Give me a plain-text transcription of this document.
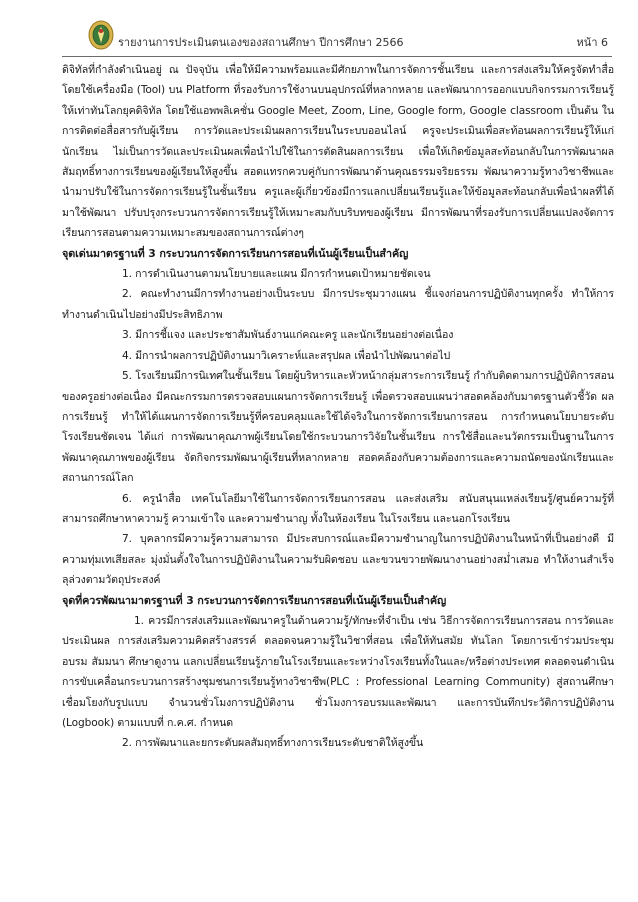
รายงานการประเมินตนเองของสถานศึกษา ปีการศึกษา 2566	หน้า 6

ดิจิทัลที่กำลังดำเนินอยู่ ณ ปัจจุบัน เพื่อให้มีความพร้อมและมีศักยภาพในการจัดการชั้นเรียน และการส่งเสริมให้ครูจัดทำสื่อโดยใช้เครื่องมือ (Tool) บน Platform ที่รองรับการใช้งานบนอุปกรณ์ที่หลากหลาย และพัฒนาการออกแบบกิจกรรมการเรียนรู้ให้เท่าทันโลกยุคดิจิทัล โดยใช้แอพพลิเคชั่น Google Meet, Zoom, Line, Google form, Google classroom เป็นต้น ในการติดต่อสื่อสารกับผู้เรียน การวัดและประเมินผลการเรียนในระบบออนไลน์ ครูจะประเมินเพื่อสะท้อนผลการเรียนรู้ให้แก่นักเรียน ไม่เป็นการวัดและประเมินผลเพื่อนำไปใช้ในการตัดสินผลการเรียน เพื่อให้เกิดข้อมูลสะท้อนกลับในการพัฒนาผลสัมฤทธิ์ทางการเรียนของผู้เรียนให้สูงขึ้น สอดแทรกควบคู่กับการพัฒนาด้านคุณธรรมจริยธรรม พัฒนาความรู้ทางวิชาชีพและนำมาปรับใช้ในการจัดการเรียนรู้ในชั้นเรียน ครูและผู้เกี่ยวข้องมีการแลกเปลี่ยนเรียนรู้และให้ข้อมูลสะท้อนกลับเพื่อนำผลที่ได้มาใช้พัฒนา ปรับปรุงกระบวนการจัดการเรียนรู้ให้เหมาะสมกับบริบทของผู้เรียน มีการพัฒนาที่รองรับการเปลี่ยนแปลงจัดการเรียนการสอนตามความเหมาะสมของสถานการณ์ต่างๆ

จุดเด่นมาตรฐานที่ 3 กระบวนการจัดการเรียนการสอนที่เน้นผู้เรียนเป็นสำคัญ

1. การดำเนินงานตามนโยบายและแผน มีการกำหนดเป้าหมายชัดเจน

2. คณะทำงานมีการทำงานอย่างเป็นระบบ มีการประชุมวางแผน ชี้แจงก่อนการปฏิบัติงานทุกครั้ง ทำให้การทำงานดำเนินไปอย่างมีประสิทธิภาพ

3. มีการชี้แจง และประชาสัมพันธ์งานแก่คณะครู และนักเรียนอย่างต่อเนื่อง

4. มีการนำผลการปฏิบัติงานมาวิเคราะห์และสรุปผล เพื่อนำไปพัฒนาต่อไป

5. โรงเรียนมีการนิเทศในชั้นเรียน โดยผู้บริหารและหัวหน้ากลุ่มสาระการเรียนรู้ กำกับติดตามการปฏิบัติการสอนของครูอย่างต่อเนื่อง มีคณะกรรมการตรวจสอบแผนการจัดการเรียนรู้ เพื่อตรวจสอบแผนว่าสอดคล้องกับมาตรฐานตัวชี้วัด ผลการเรียนรู้ ทำให้ได้แผนการจัดการเรียนรู้ที่ครอบคลุมและใช้ได้จริงในการจัดการเรียนการสอน การกำหนดนโยบายระดับโรงเรียนชัดเจน ได้แก่ การพัฒนาคุณภาพผู้เรียนโดยใช้กระบวนการวิจัยในชั้นเรียน การใช้สื่อและนวัตกรรมเป็นฐานในการพัฒนาคุณภาพของผู้เรียน จัดกิจกรรมพัฒนาผู้เรียนที่หลากหลาย สอดคล้องกับความต้องการและความถนัดของนักเรียนและสถานการณ์โลก

6. ครูนำสื่อ เทคโนโลยีมาใช้ในการจัดการเรียนการสอน และส่งเสริม สนับสนุนแหล่งเรียนรู้/ศูนย์ความรู้ที่สามารถศึกษาหาความรู้ ความเข้าใจ และความชำนาญ ทั้งในห้องเรียน ในโรงเรียน และนอกโรงเรียน

7. บุคลากรมีความรู้ความสามารถ มีประสบการณ์และมีความชำนาญในการปฏิบัติงานในหน้าที่เป็นอย่างดี มีความทุ่มเทเสียสละ มุ่งมั่นตั้งใจในการปฏิบัติงานในความรับผิดชอบ และขวนขวายพัฒนางานอย่างสม่ำเสมอ ทำให้งานสำเร็จลุล่วงตามวัตถุประสงค์

จุดที่ควรพัฒนามาตรฐานที่ 3 กระบวนการจัดการเรียนการสอนที่เน้นผู้เรียนเป็นสำคัญ

1. ควรมีการส่งเสริมและพัฒนาครูในด้านความรู้/ทักษะที่จำเป็น เช่น วิธีการจัดการเรียนการสอน การวัดและประเมินผล การส่งเสริมความคิดสร้างสรรค์ ตลอดจนความรู้ในวิชาที่สอน เพื่อให้ทันสมัย ทันโลก โดยการเข้าร่วมประชุม อบรม สัมมนา ศึกษาดูงาน แลกเปลี่ยนเรียนรู้ภายในโรงเรียนและระหว่างโรงเรียนทั้งในและ/หรือต่างประเทศ ตลอดจนดำเนินการขับเคลื่อนกระบวนการสร้างชุมชนการเรียนรู้ทางวิชาชีพ(PLC : Professional Learning Community) สู่สถานศึกษา เชื่อมโยงกับรูปแบบ จำนวนชั่วโมงการปฏิบัติงาน ชั่วโมงการอบรมและพัฒนา และการบันทึกประวัติการปฏิบัติงาน (Logbook) ตามแบบที่ ก.ค.ศ. กำหนด

2. การพัฒนาและยกระดับผลสัมฤทธิ์ทางการเรียนระดับชาติให้สูงขึ้น
